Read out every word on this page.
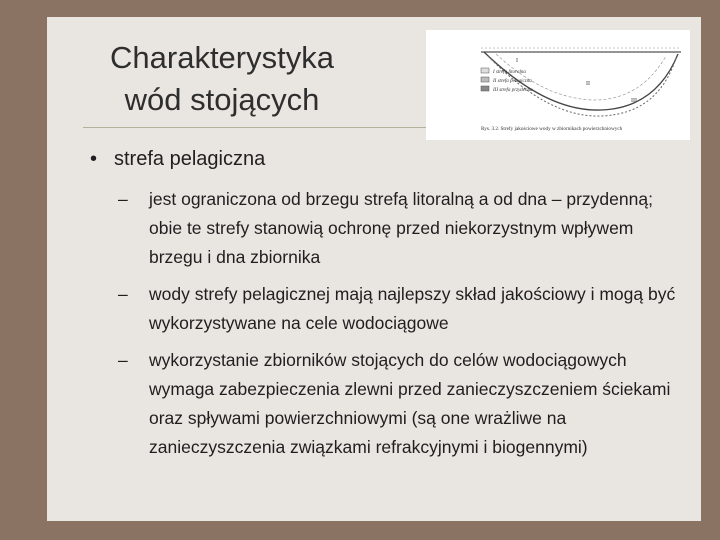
Charakterystyka
wód stojących
I strefa litoralna
II strefa pelagiczna
III strefa przydenna
I
II
III
Rys. 3.2. Strefy jakościowe wody w zbiornikach powierzchniowych
• strefa pelagiczna
– jest ograniczona od brzegu strefą litoralną a od dna – przydenną; obie te strefy stanowią ochronę przed niekorzystnym wpływem brzegu i dna zbiornika
– wody strefy pelagicznej mają najlepszy skład jakościowy i mogą być wykorzystywane na cele wodociągowe
– wykorzystanie zbiorników stojących do celów wodociągowych wymaga zabezpieczenia zlewni przed zanieczyszczeniem ściekami oraz spływami powierzchniowymi (są one wrażliwe na zanieczyszczenia związkami refrakcyjnymi i biogennymi)
